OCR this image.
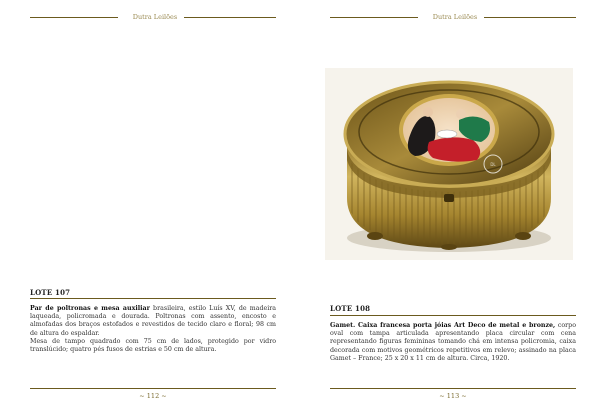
Dutra Leilões
LOTE 107
Par de poltronas e mesa auxiliar brasileira, estilo Luís XV, de madeira laqueada, policromada e dourada. Poltronas com assento, encosto e almofadas dos braços estofados e revestidos de tecido claro e floral; 98 cm de altura do espaldar.
Mesa de tampo quadrado com 75 cm de lados, protegido por vidro translúcido; quatro pés fusos de estrias e 50 cm de altura.
~ 112 ~
Dutra Leilões
LOTE 108
Gamet. Caixa francesa porta jóias Art Deco de metal e bronze, corpo oval com tampa articulada apresentando placa circular com cena representando figuras femininas tomando chá em intensa policromia, caixa decorada com motivos geométricos repetitivos em relevo; assinado na placa Gamet – France; 25 x 20 x 11 cm de altura. Circa, 1920.
~ 113 ~
DL
